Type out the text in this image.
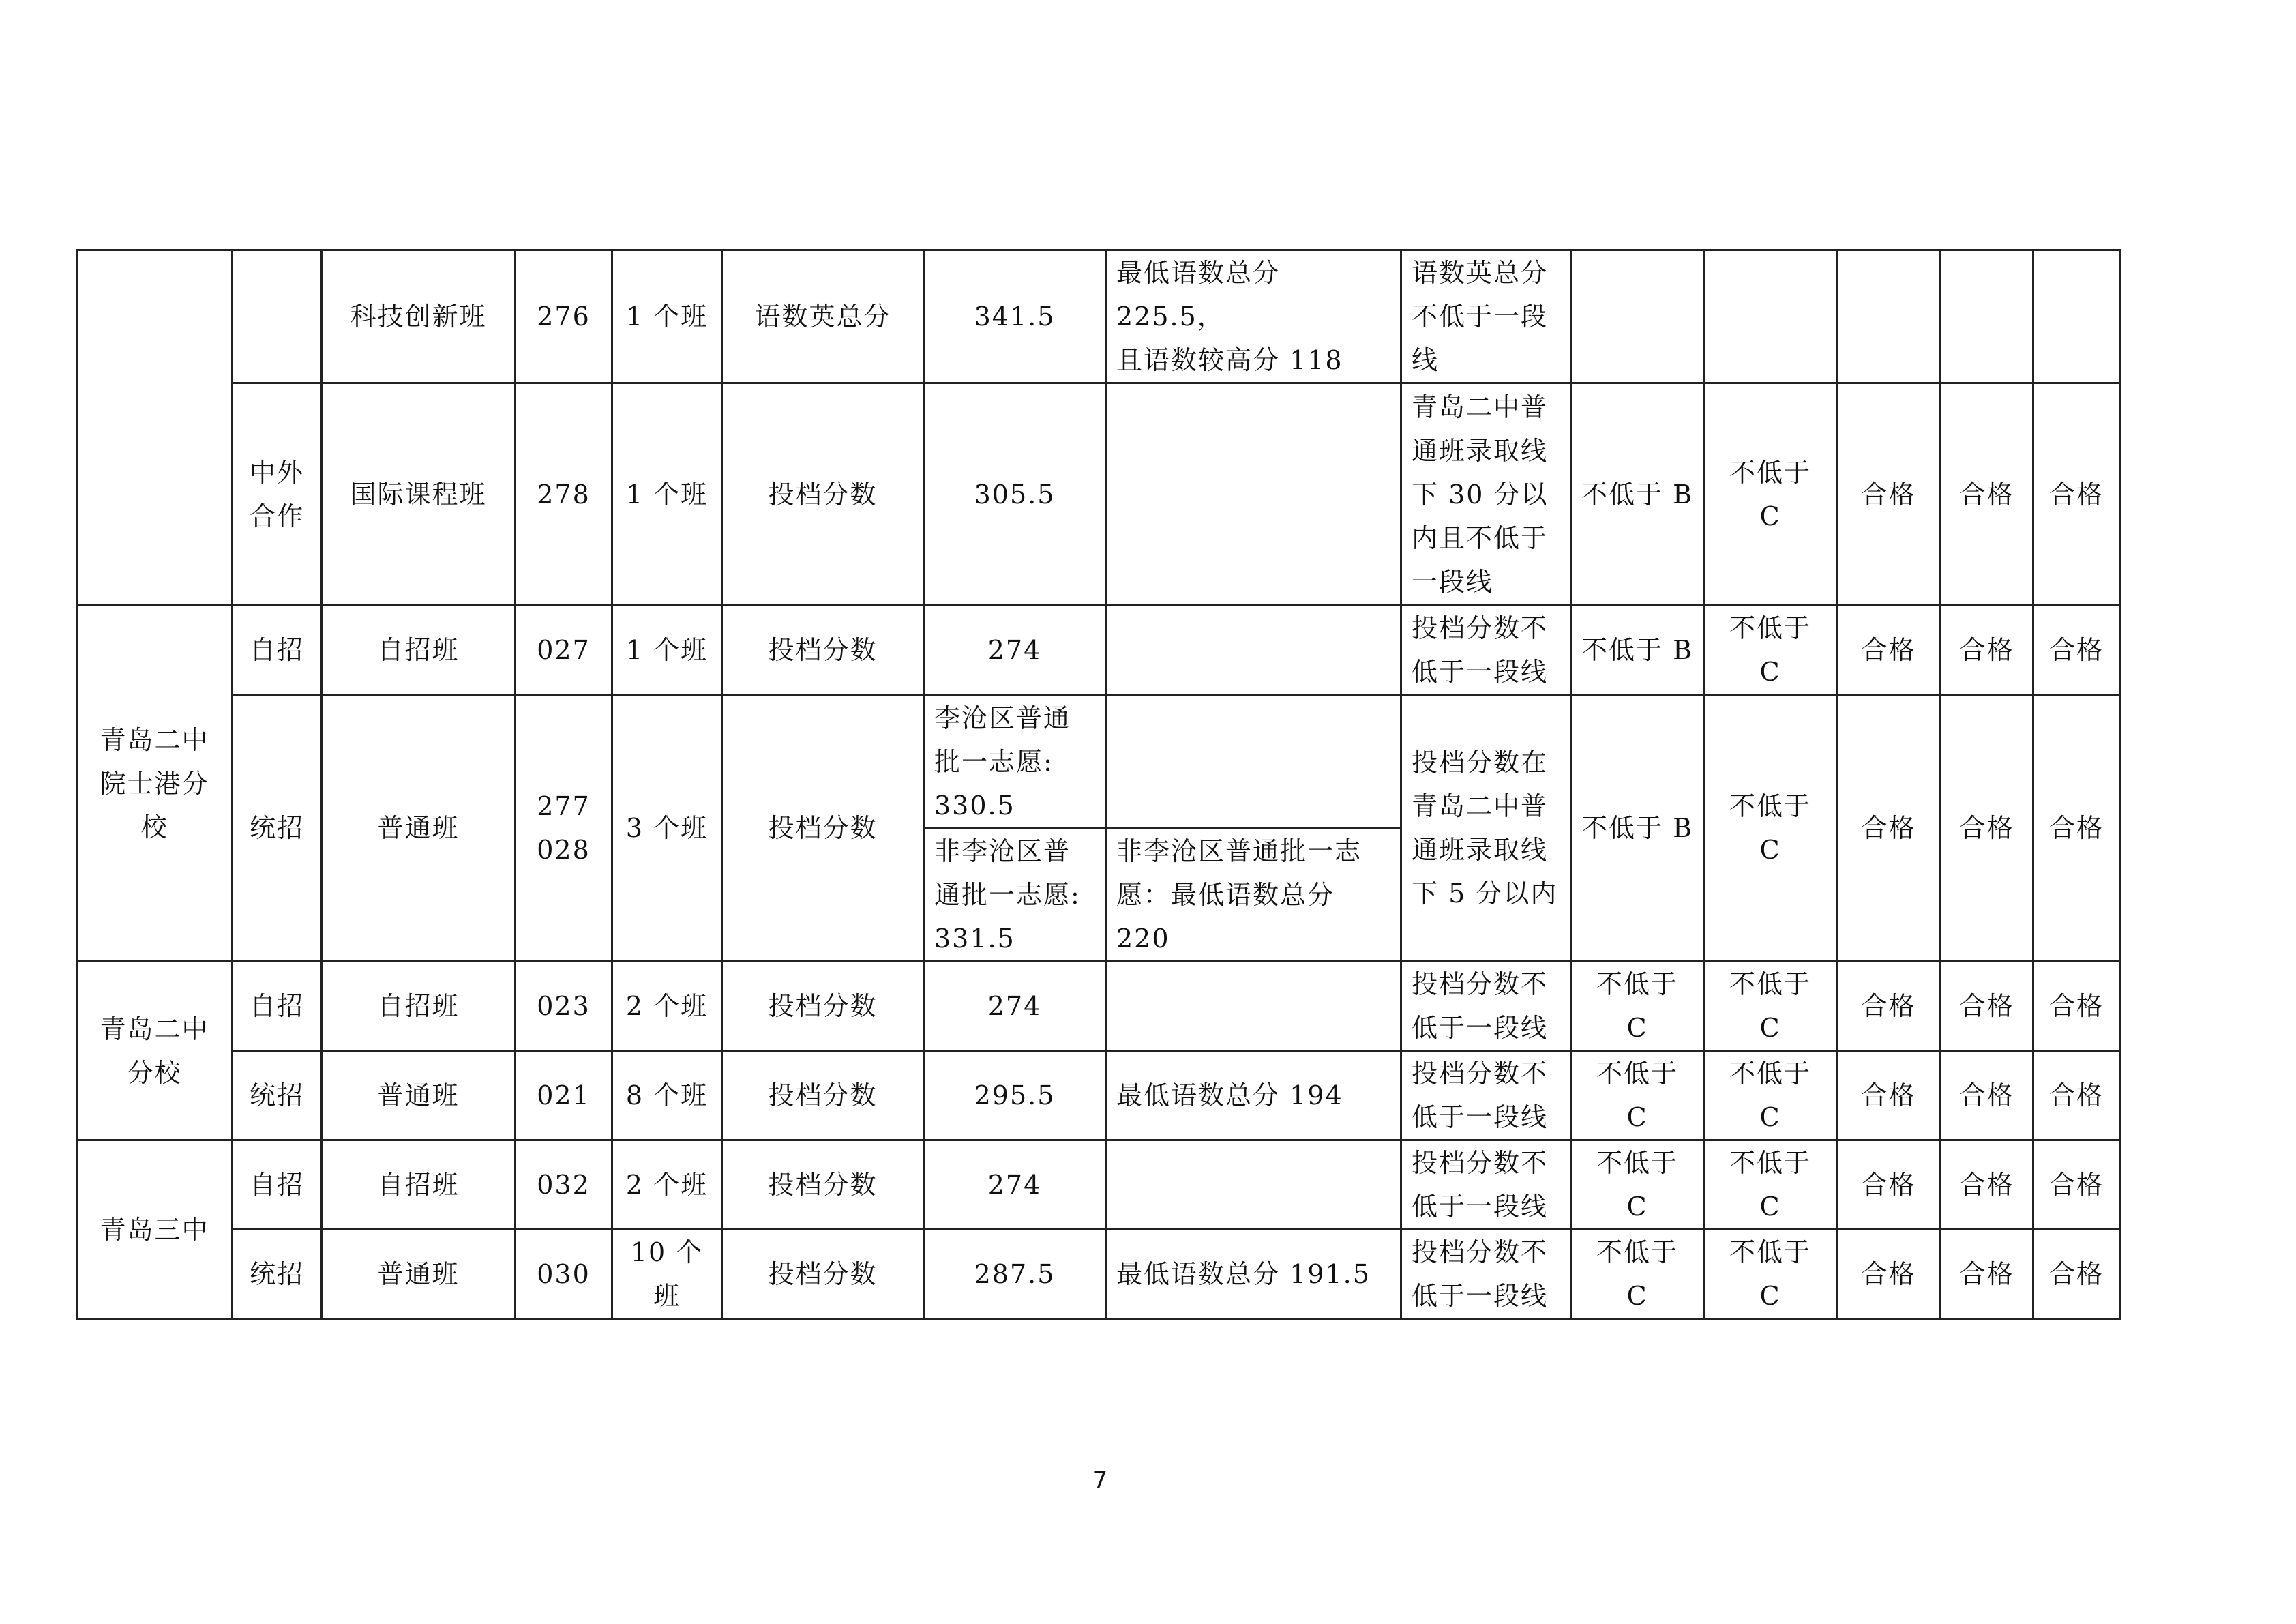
		科技创新班	276	1 个班	语数英总分	341.5	最低语数总分 225.5，
且语数较高分 118	语数英总分
不低于一段线					
	中外
合作	国际课程班	278	1 个班	投档分数	305.5		青岛二中普
通班录取线
下 30 分以
内且不低于
一段线	不低于 B	不低于 C	合格	合格	合格
青岛二中
院士港分
校	自招	自招班	027	1 个班	投档分数	274		投档分数不
低于一段线	不低于 B	不低于 C	合格	合格	合格
	统招	普通班	277
028	3 个班	投档分数	李沧区普通
批一志愿:
330.5		投档分数在
青岛二中普
通班录取线
下 5 分以内	不低于 B	不低于 C	合格	合格	合格
						非李沧区普
通批一志愿:
331.5	非李沧区普通批一志
愿：最低语数总分 220						
青岛二中
分校	自招	自招班	023	2 个班	投档分数	274		投档分数不
低于一段线	不低于 C	不低于 C	合格	合格	合格
	统招	普通班	021	8 个班	投档分数	295.5	最低语数总分 194	投档分数不
低于一段线	不低于 C	不低于 C	合格	合格	合格
青岛三中	自招	自招班	032	2 个班	投档分数	274		投档分数不
低于一段线	不低于 C	不低于 C	合格	合格	合格
	统招	普通班	030	10 个
班	投档分数	287.5	最低语数总分 191.5	投档分数不
低于一段线	不低于 C	不低于 C	合格	合格	合格
7
